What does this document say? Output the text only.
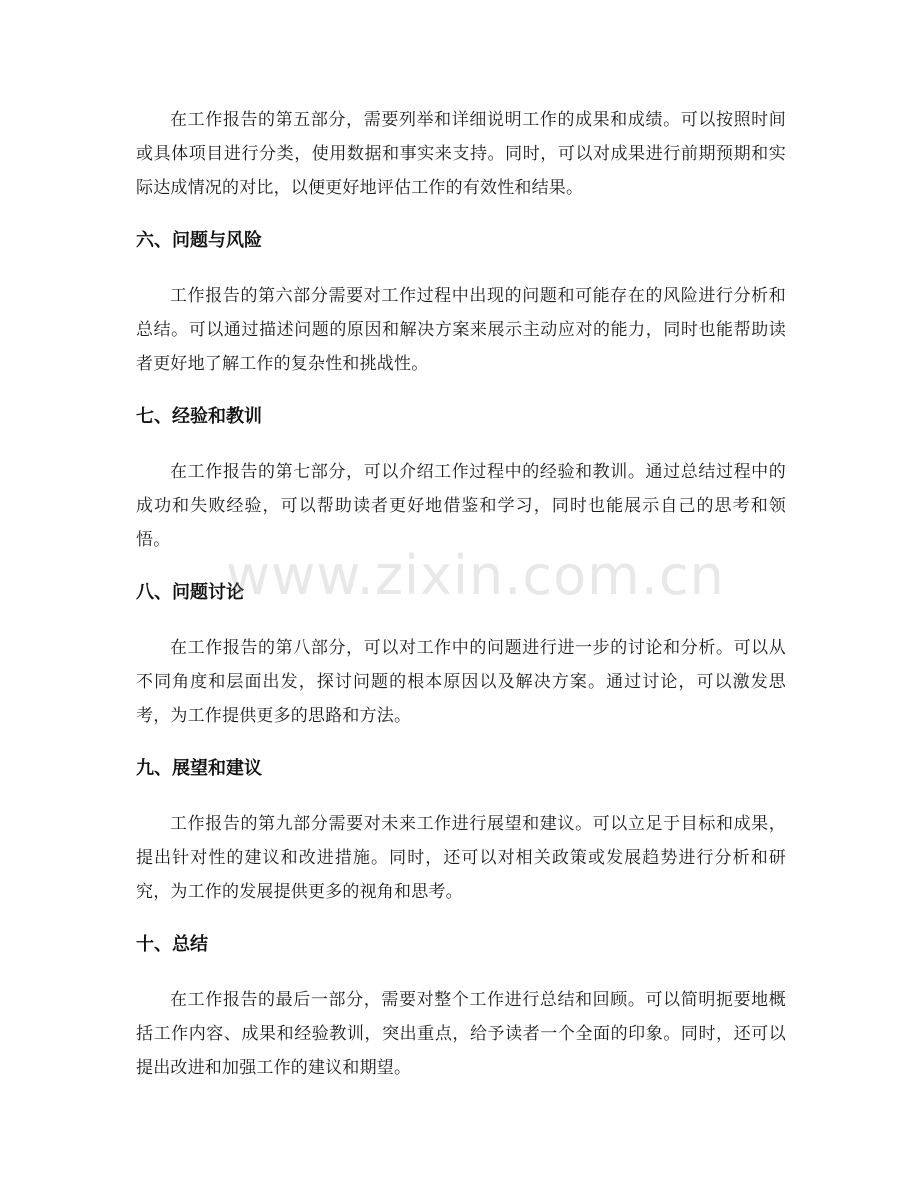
在工作报告的第五部分，需要列举和详细说明工作的成果和成绩。可以按照时间或具体项目进行分类，使用数据和事实来支持。同时，可以对成果进行前期预期和实际达成情况的对比，以便更好地评估工作的有效性和结果。

六、问题与风险

工作报告的第六部分需要对工作过程中出现的问题和可能存在的风险进行分析和总结。可以通过描述问题的原因和解决方案来展示主动应对的能力，同时也能帮助读者更好地了解工作的复杂性和挑战性。

七、经验和教训

在工作报告的第七部分，可以介绍工作过程中的经验和教训。通过总结过程中的成功和失败经验，可以帮助读者更好地借鉴和学习，同时也能展示自己的思考和领悟。

八、问题讨论

在工作报告的第八部分，可以对工作中的问题进行进一步的讨论和分析。可以从不同角度和层面出发，探讨问题的根本原因以及解决方案。通过讨论，可以激发思考，为工作提供更多的思路和方法。

九、展望和建议

工作报告的第九部分需要对未来工作进行展望和建议。可以立足于目标和成果，提出针对性的建议和改进措施。同时，还可以对相关政策或发展趋势进行分析和研究，为工作的发展提供更多的视角和思考。

十、总结

在工作报告的最后一部分，需要对整个工作进行总结和回顾。可以简明扼要地概括工作内容、成果和经验教训，突出重点，给予读者一个全面的印象。同时，还可以提出改进和加强工作的建议和期望。

www.zixin.com.cn
